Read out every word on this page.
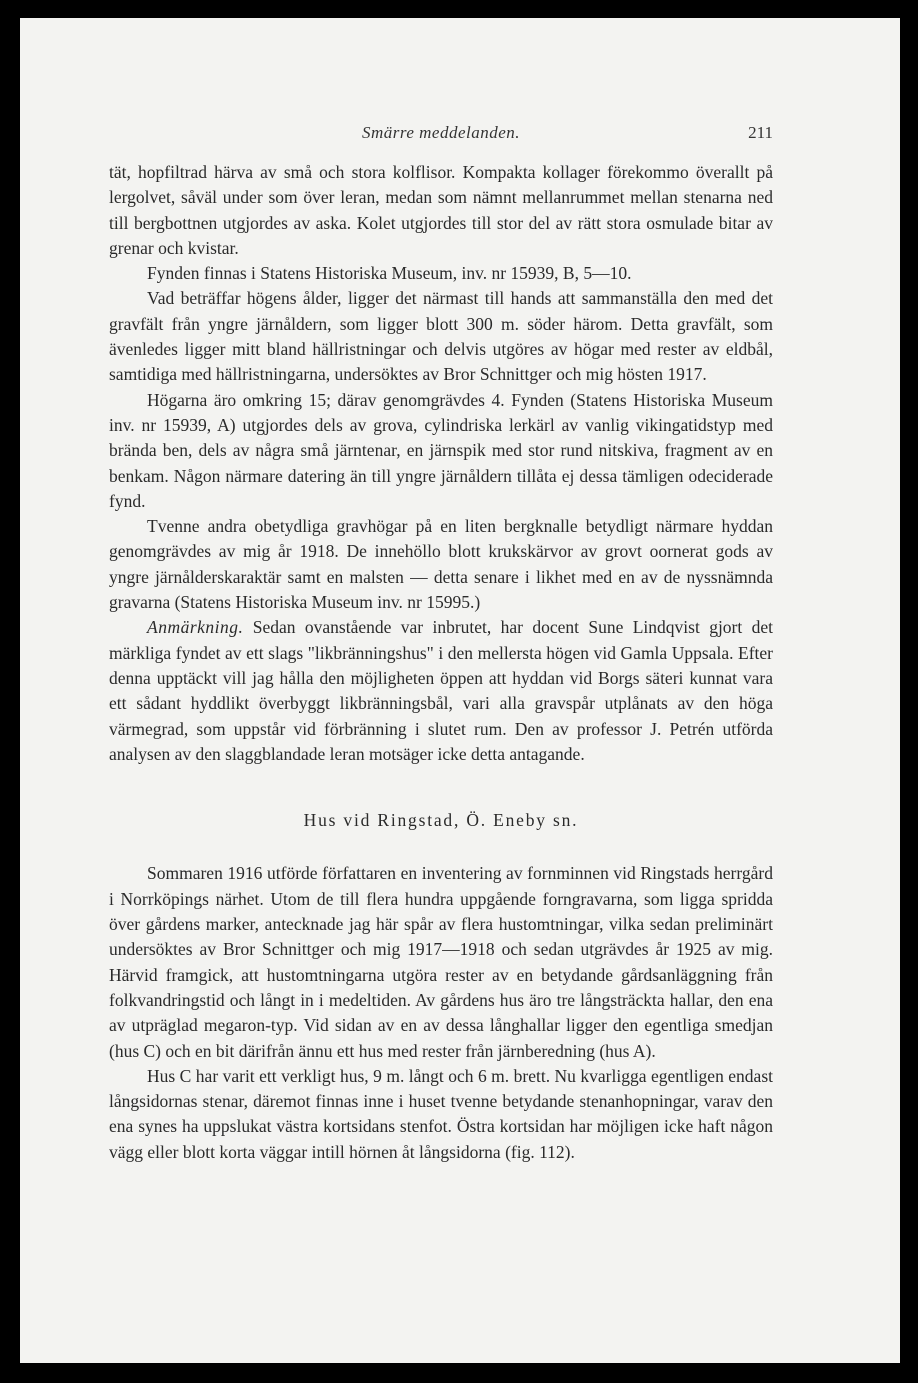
Smärre meddelanden.	211

tät, hopfiltrad härva av små och stora kolflisor. Kompakta kollager förekommo överallt på lergolvet, såväl under som över leran, medan som nämnt mellanrummet mellan stenarna ned till bergbottnen utgjordes av aska. Kolet utgjordes till stor del av rätt stora osmulade bitar av grenar och kvistar.

Fynden finnas i Statens Historiska Museum, inv. nr 15939, B, 5—10.

Vad beträffar högens ålder, ligger det närmast till hands att sammanställa den med det gravfält från yngre järnåldern, som ligger blott 300 m. söder härom. Detta gravfält, som ävenledes ligger mitt bland hällristningar och delvis utgöres av högar med rester av eldbål, samtidiga med hällristningarna, undersöktes av Bror Schnittger och mig hösten 1917.

Högarna äro omkring 15; därav genomgrävdes 4. Fynden (Statens Historiska Museum inv. nr 15939, A) utgjordes dels av grova, cylindriska lerkärl av vanlig vikingatidstyp med brända ben, dels av några små järntenar, en järnspik med stor rund nitskiva, fragment av en benkam. Någon närmare datering än till yngre järnåldern tillåta ej dessa tämligen odeciderade fynd.

Tvenne andra obetydliga gravhögar på en liten bergknalle betydligt närmare hyddan genomgrävdes av mig år 1918. De innehöllo blott krukskärvor av grovt oornerat gods av yngre järnålderskaraktär samt en malsten — detta senare i likhet med en av de nyssnämnda gravarna (Statens Historiska Museum inv. nr 15995.)

Anmärkning. Sedan ovanstående var inbrutet, har docent Sune Lindqvist gjort det märkliga fyndet av ett slags "likbränningshus" i den mellersta högen vid Gamla Uppsala. Efter denna upptäckt vill jag hålla den möjligheten öppen att hyddan vid Borgs säteri kunnat vara ett sådant hyddlikt överbyggt likbränningsbål, vari alla gravspår utplånats av den höga värmegrad, som uppstår vid förbränning i slutet rum. Den av professor J. Petrén utförda analysen av den slaggblandade leran motsäger icke detta antagande.

Hus vid Ringstad, Ö. Eneby sn.

Sommaren 1916 utförde författaren en inventering av fornminnen vid Ringstads herrgård i Norrköpings närhet. Utom de till flera hundra uppgående forngravarna, som ligga spridda över gårdens marker, antecknade jag här spår av flera hustomtningar, vilka sedan preliminärt undersöktes av Bror Schnittger och mig 1917—1918 och sedan utgrävdes år 1925 av mig. Härvid framgick, att hustomtningarna utgöra rester av en betydande gårdsanläggning från folkvandringstid och långt in i medeltiden. Av gårdens hus äro tre långsträckta hallar, den ena av utpräglad megaron-typ. Vid sidan av en av dessa långhallar ligger den egentliga smedjan (hus C) och en bit därifrån ännu ett hus med rester från järnberedning (hus A).

Hus C har varit ett verkligt hus, 9 m. långt och 6 m. brett. Nu kvarligga egentligen endast långsidornas stenar, däremot finnas inne i huset tvenne betydande stenanhopningar, varav den ena synes ha uppslukat västra kortsidans stenfot. Östra kortsidan har möjligen icke haft någon vägg eller blott korta väggar intill hörnen åt långsidorna (fig. 112).
